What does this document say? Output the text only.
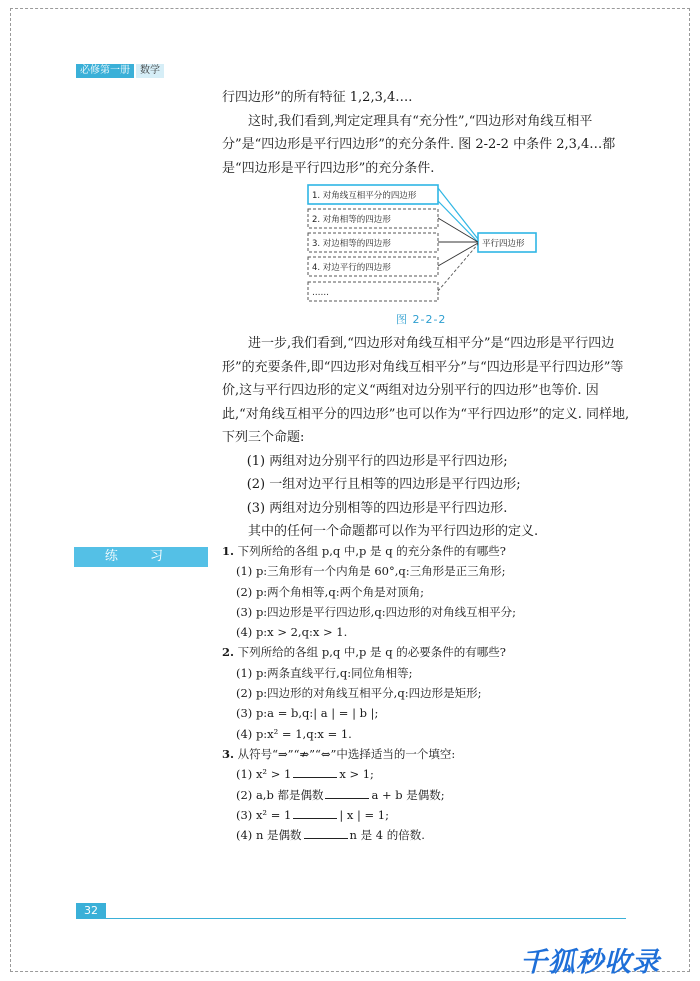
必修第一册	数学

行四边形”的所有特征 1,2,3,4….

这时,我们看到,判定定理具有“充分性”,“四边形对角线互相平分”是“四边形是平行四边形”的充分条件. 图 2-2-2 中条件 2,3,4…都是“四边形是平行四边形”的充分条件.

1. 对角线互相平分的四边形
2. 对角相等的四边形
3. 对边相等的四边形
4. 对边平行的四边形
……
平行四边形
图 2-2-2

进一步,我们看到,“四边形对角线互相平分”是“四边形是平行四边形”的充要条件,即“四边形对角线互相平分”与“四边形是平行四边形”等价,这与平行四边形的定义“两组对边分别平行的四边形”也等价. 因此,“对角线互相平分的四边形”也可以作为“平行四边形”的定义. 同样地,下列三个命题:

(1) 两组对边分别平行的四边形是平行四边形;

(2) 一组对边平行且相等的四边形是平行四边形;

(3) 两组对边分别相等的四边形是平行四边形.

其中的任何一个命题都可以作为平行四边形的定义.

练 习	1. 下列所给的各组 p,q 中,p 是 q 的充分条件的有哪些?

(1) p:三角形有一个内角是 60°,q:三角形是正三角形;

(2) p:两个角相等,q:两个角是对顶角;

(3) p:四边形是平行四边形,q:四边形的对角线互相平分;

(4) p:x > 2,q:x > 1.

2. 下列所给的各组 p,q 中,p 是 q 的必要条件的有哪些?

(1) p:两条直线平行,q:同位角相等;

(2) p:四边形的对角线互相平分,q:四边形是矩形;

(3) p:a = b,q:| a | = | b |;

(4) p:x² = 1,q:x = 1.

3. 从符号“⇒”“⇏”“⇔”中选择适当的一个填空:

(1) x² > 1	x > 1;

(2) a,b 都是偶数	a + b 是偶数;

(3) x² = 1	| x | = 1;

(4) n 是偶数	n 是 4 的倍数.

32
千狐秒收录
